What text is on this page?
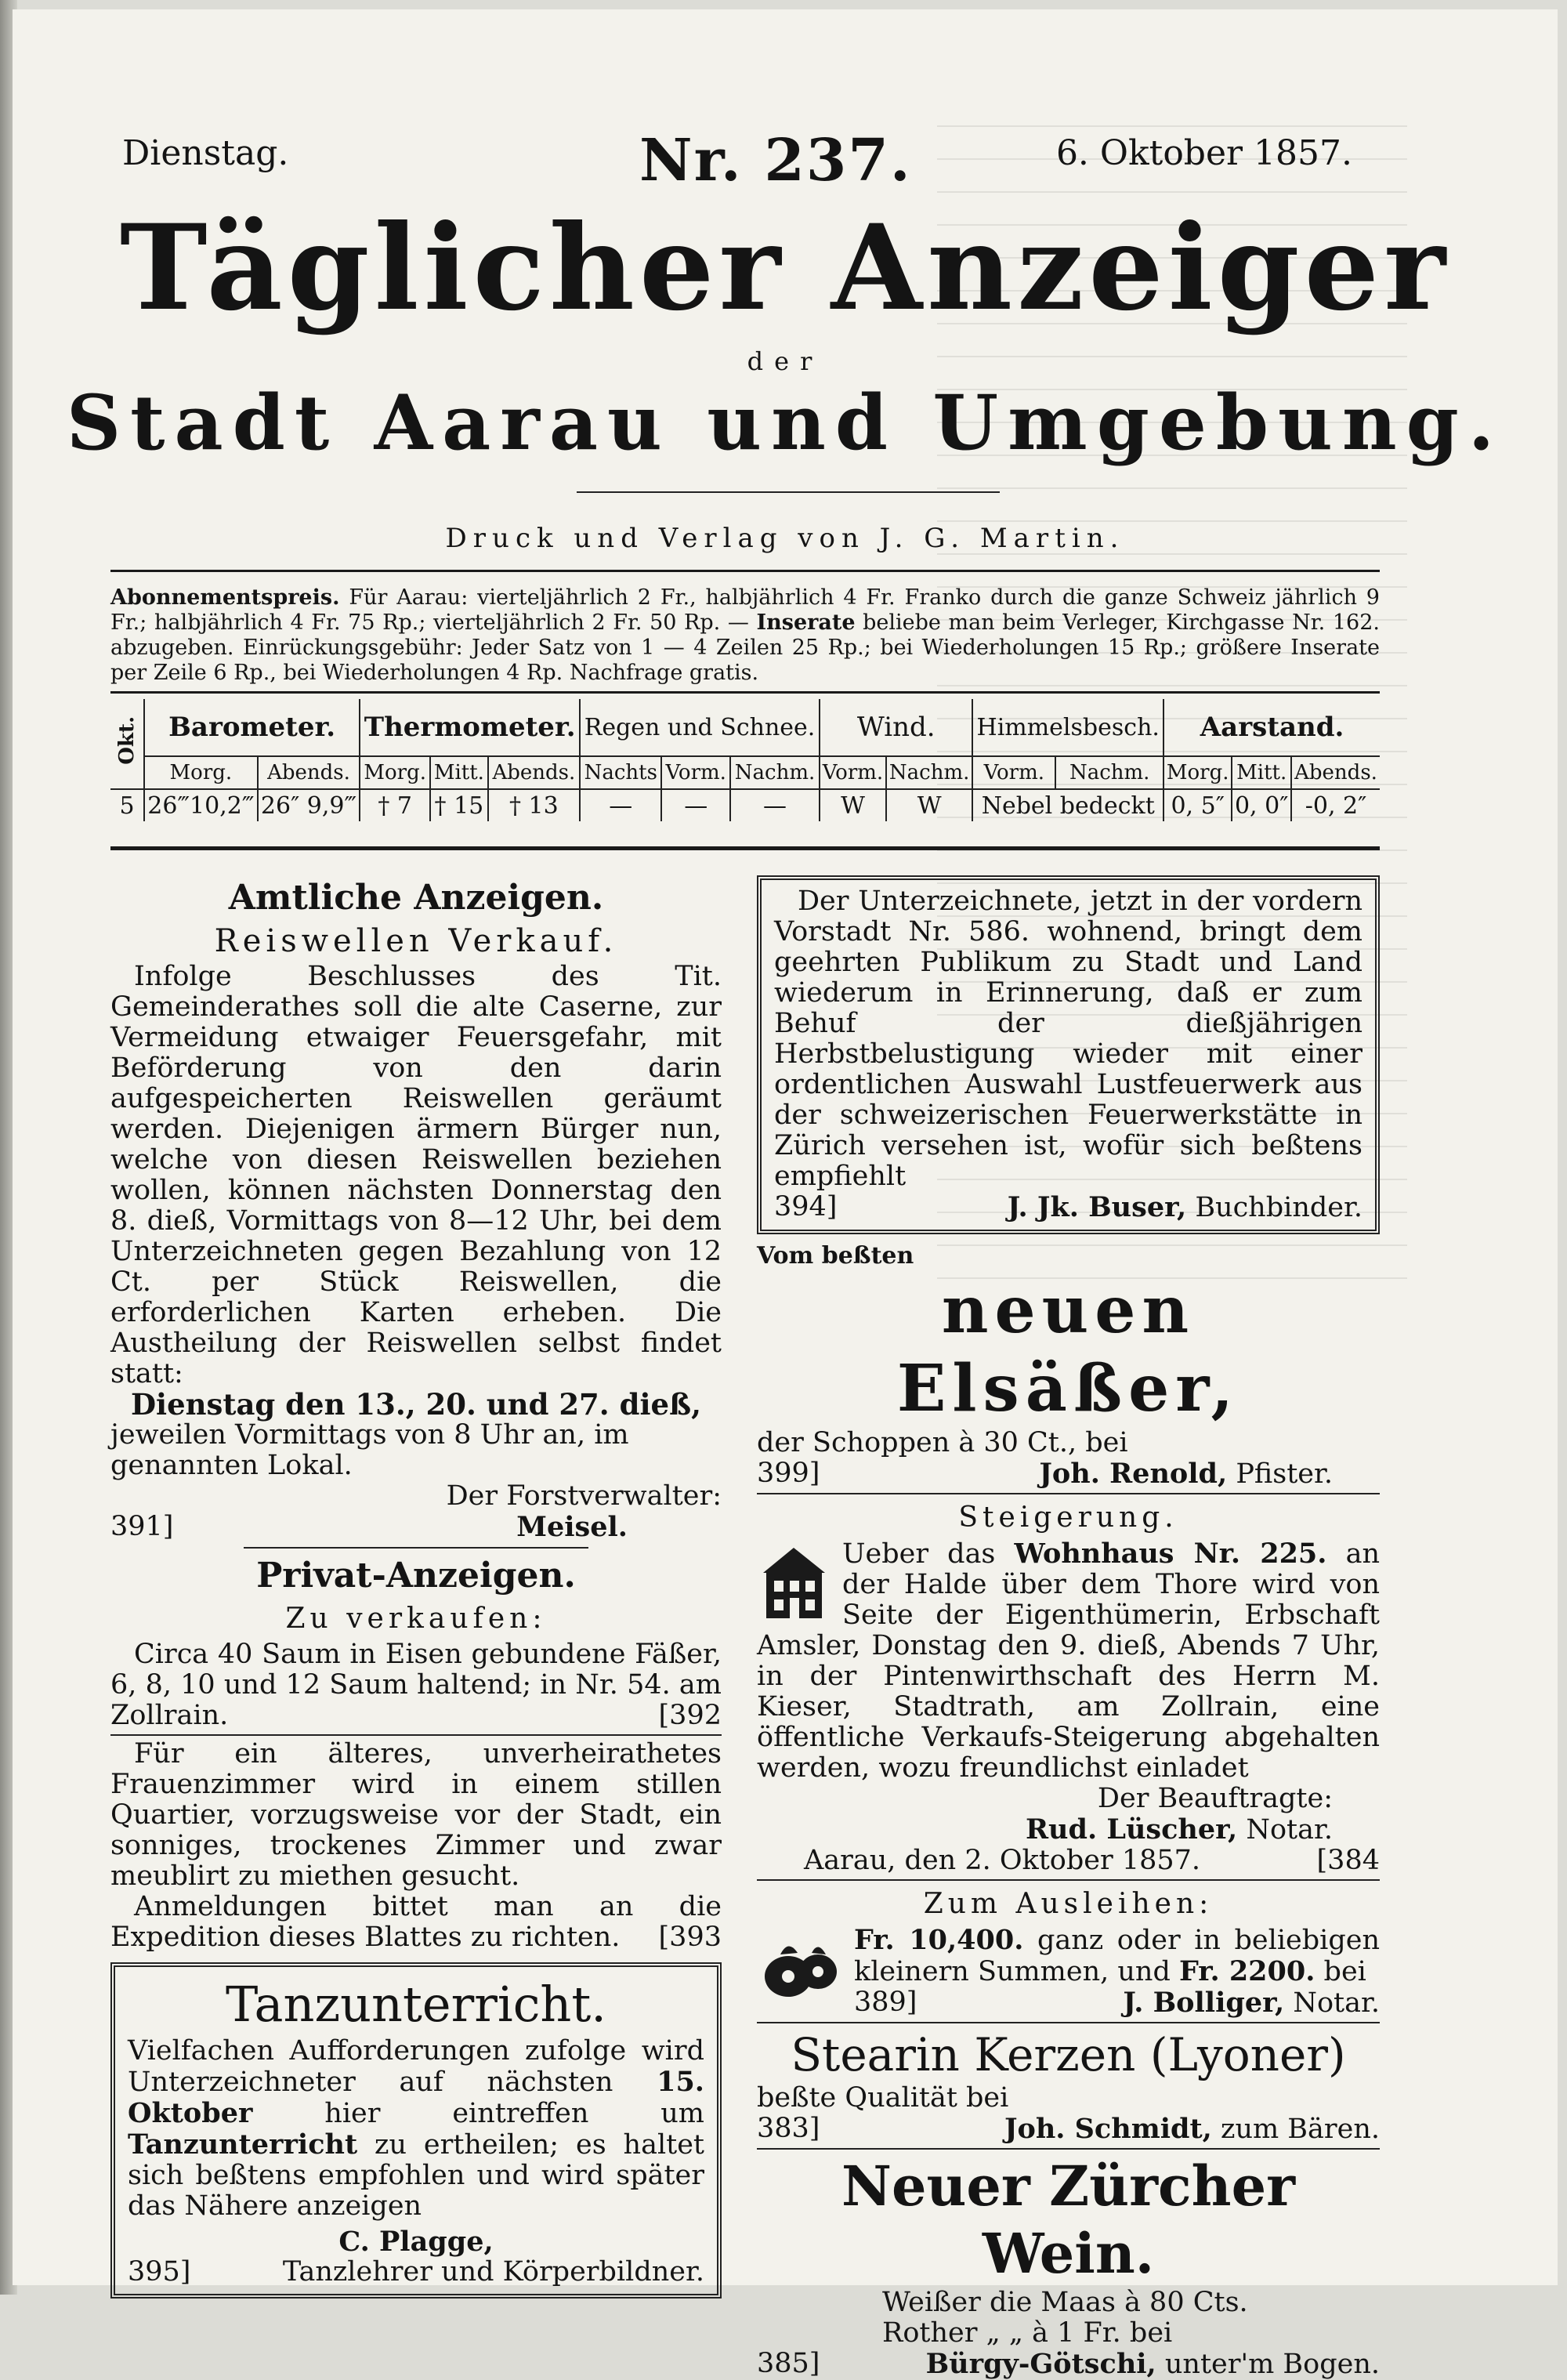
Dienstag.	Nr. 237.	6. Oktober 1857.
Täglicher Anzeiger
der
Stadt Aarau und Umgebung.
Druck und Verlag von J. G. Martin.
Abonnementspreis. Für Aarau: vierteljährlich 2 Fr., halbjährlich 4 Fr. Franko durch die ganze Schweiz jährlich 9 Fr.; halbjährlich 4 Fr. 75 Rp.; vierteljährlich 2 Fr. 50 Rp. — Inserate beliebe man beim Verleger, Kirchgasse Nr. 162. abzugeben. Einrückungsgebühr: Jeder Satz von 1 — 4 Zeilen 25 Rp.; bei Wiederholungen 15 Rp.; größere Inserate per Zeile 6 Rp., bei Wiederholungen 4 Rp. Nachfrage gratis.
Okt.	Barometer.		Thermometer.			Regen und Schnee.			Wind.		Himmelsbesch.		Aarstand.		
	Morg.	Abends.	Morg.	Mitt.	Abends.	Nachts	Vorm.	Nachm.	Vorm.	Nachm.	Vorm.	Nachm.	Morg.	Mitt.	Abends.
5	26‴10,2‴	26″ 9,9‴	† 7	† 15	† 13	—	—	—	W	W	Nebel bedeckt		0, 5″	0, 0″	-0, 2″
Amtliche Anzeigen.
Reiswellen Verkauf.
Infolge Beschlusses des Tit. Gemeinderathes soll die alte Caserne, zur Vermeidung etwaiger Feuersgefahr, mit Beförderung von den darin aufgespeicherten Reiswellen geräumt werden. Diejenigen ärmern Bürger nun, welche von diesen Reiswellen beziehen wollen, können nächsten Donnerstag den 8. dieß, Vormittags von 8—12 Uhr, bei dem Unterzeichneten gegen Bezahlung von 12 Ct. per Stück Reiswellen, die erforderlichen Karten erheben. Die Austheilung der Reiswellen selbst findet statt:
Dienstag den 13., 20. und 27. dieß,
jeweilen Vormittags von 8 Uhr an, im genannten Lokal.
Der Forstverwalter:
391]	Meisel.
Privat-Anzeigen.
Zu verkaufen:
Circa 40 Saum in Eisen gebundene Fäßer, 6, 8, 10 und 12 Saum haltend; in Nr. 54. am Zollrain.	[392
Für ein älteres, unverheirathetes Frauenzimmer wird in einem stillen Quartier, vorzugsweise vor der Stadt, ein sonniges, trockenes Zimmer und zwar meublirt zu miethen gesucht.
Anmeldungen bittet man an die Expedition dieses Blattes zu richten.	[393
Tanzunterricht.
Vielfachen Aufforderungen zufolge wird Unterzeichneter auf nächsten 15. Oktober hier eintreffen um Tanzunterricht zu ertheilen; es haltet sich beßtens empfohlen und wird später das Nähere anzeigen
C. Plagge,
395]	Tanzlehrer und Körperbildner.
Der Unterzeichnete, jetzt in der vordern Vorstadt Nr. 586. wohnend, bringt dem geehrten Publikum zu Stadt und Land wiederum in Erinnerung, daß er zum Behuf der dießjährigen Herbstbelustigung wieder mit einer ordentlichen Auswahl Lustfeuerwerk aus der schweizerischen Feuerwerkstätte in Zürich versehen ist, wofür sich beßtens empfiehlt
394]	J. Jk. Buser, Buchbinder.
Vom beßten
neuen Elsäßer,
der Schoppen à 30 Ct., bei
399]	Joh. Renold, Pfister.
Steigerung.
Ueber das Wohnhaus Nr. 225. an der Halde über dem Thore wird von Seite der Eigenthümerin, Erbschaft Amsler, Donstag den 9. dieß, Abends 7 Uhr, in der Pintenwirthschaft des Herrn M. Kieser, Stadtrath, am Zollrain, eine öffentliche Verkaufs-Steigerung abgehalten werden, wozu freundlichst einladet
Der Beauftragte:
Rud. Lüscher, Notar.
Aarau, den 2. Oktober 1857.	[384
Zum Ausleihen:
Fr. 10,400. ganz oder in beliebigen kleinern Summen, und Fr. 2200. bei
389]	J. Bolliger, Notar.
Stearin Kerzen (Lyoner)
beßte Qualität bei
383]	Joh. Schmidt, zum Bären.
Neuer Zürcher Wein.
Weißer die Maas à 80 Cts.
Rother „ „ à 1 Fr. bei
385]	Bürgy-Götschi, unter'm Bogen.
